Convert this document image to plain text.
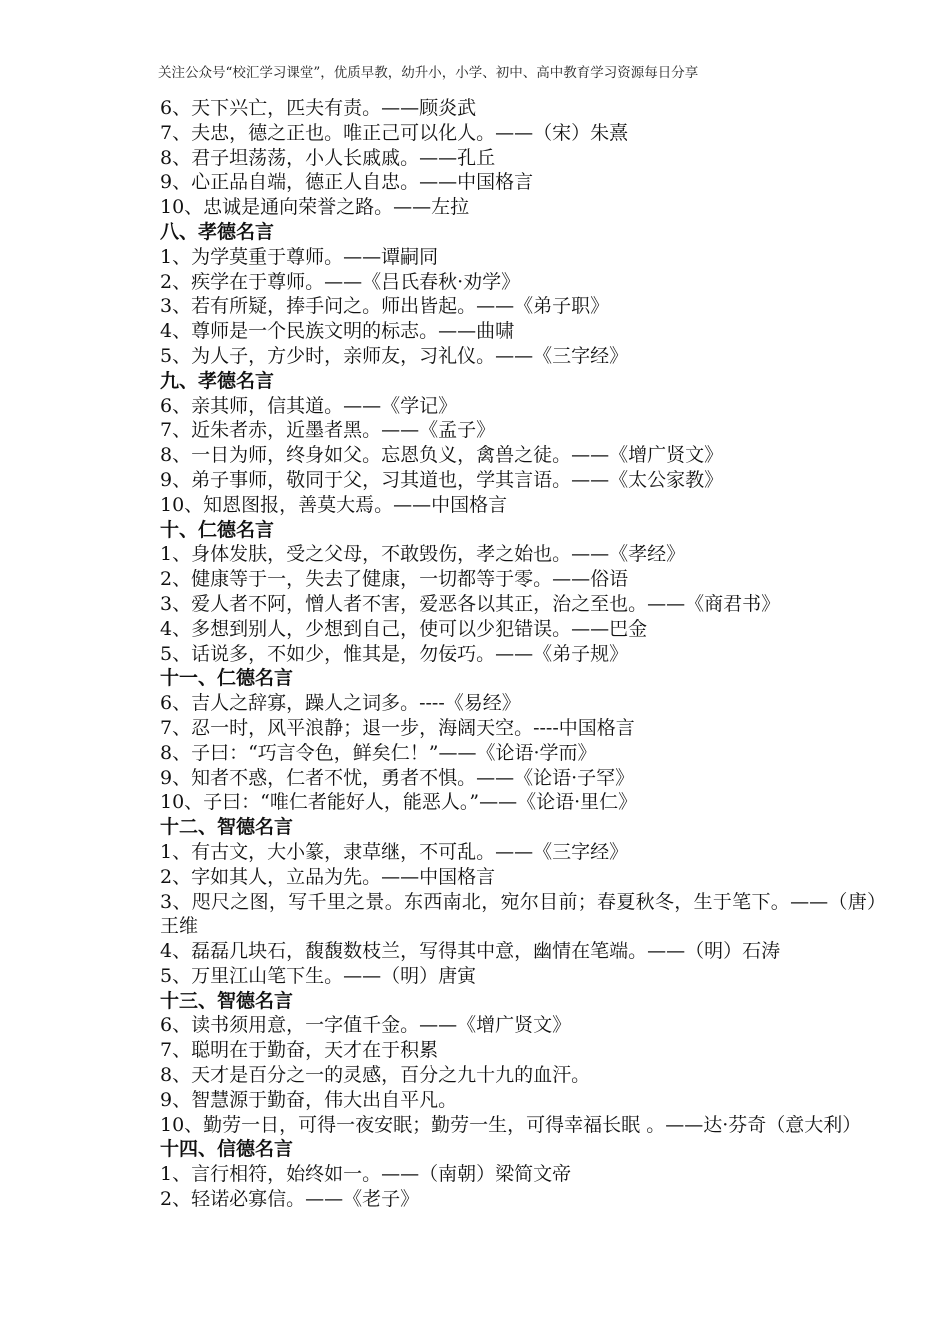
关注公众号“校汇学习课堂”，优质早教，幼升小，小学、初中、高中教育学习资源每日分享
6、天下兴亡，匹夫有责。——顾炎武
7、夫忠，德之正也。唯正己可以化人。——（宋）朱熹
8、君子坦荡荡，小人长戚戚。——孔丘
9、心正品自端，德正人自忠。——中国格言
10、忠诚是通向荣誉之路。——左拉
八、孝德名言
1、为学莫重于尊师。——谭嗣同
2、疾学在于尊师。——《吕氏春秋·劝学》
3、若有所疑，捧手问之。师出皆起。——《弟子职》
4、尊师是一个民族文明的标志。——曲啸
5、为人子，方少时，亲师友，习礼仪。——《三字经》
九、孝德名言
6、亲其师，信其道。——《学记》
7、近朱者赤，近墨者黑。——《孟子》
8、一日为师，终身如父。忘恩负义，禽兽之徒。——《增广贤文》
9、弟子事师，敬同于父，习其道也，学其言语。——《太公家教》
10、知恩图报，善莫大焉。——中国格言
十、仁德名言
1、身体发肤，受之父母，不敢毁伤，孝之始也。——《孝经》
2、健康等于一，失去了健康，一切都等于零。——俗语
3、爱人者不阿，憎人者不害，爱恶各以其正，治之至也。——《商君书》
4、多想到别人，少想到自己，使可以少犯错误。——巴金
5、话说多，不如少，惟其是，勿佞巧。——《弟子规》
十一、仁德名言
6、吉人之辞寡，躁人之词多。----《易经》
7、忍一时，风平浪静；退一步，海阔天空。----中国格言
8、子曰：“巧言令色，鲜矣仁！”——《论语·学而》
9、知者不惑，仁者不忧，勇者不惧。——《论语·子罕》
10、子曰：“唯仁者能好人，能恶人。”——《论语·里仁》
十二、智德名言
1、有古文，大小篆，隶草继，不可乱。——《三字经》
2、字如其人，立品为先。——中国格言
3、咫尺之图，写千里之景。东西南北，宛尔目前；春夏秋冬，生于笔下。——（唐） 王维
4、磊磊几块石，馥馥数枝兰，写得其中意，幽情在笔端。——（明）石涛
5、万里江山笔下生。——（明）唐寅
十三、智德名言
6、读书须用意，一字值千金。——《增广贤文》
7、聪明在于勤奋，天才在于积累
8、天才是百分之一的灵感，百分之九十九的血汗。
9、智慧源于勤奋，伟大出自平凡。
10、勤劳一日，可得一夜安眠；勤劳一生，可得幸福长眠 。——达·芬奇（意大利）
十四、信德名言
1、言行相符，始终如一。——（南朝）梁简文帝
2、轻诺必寡信。——《老子》
